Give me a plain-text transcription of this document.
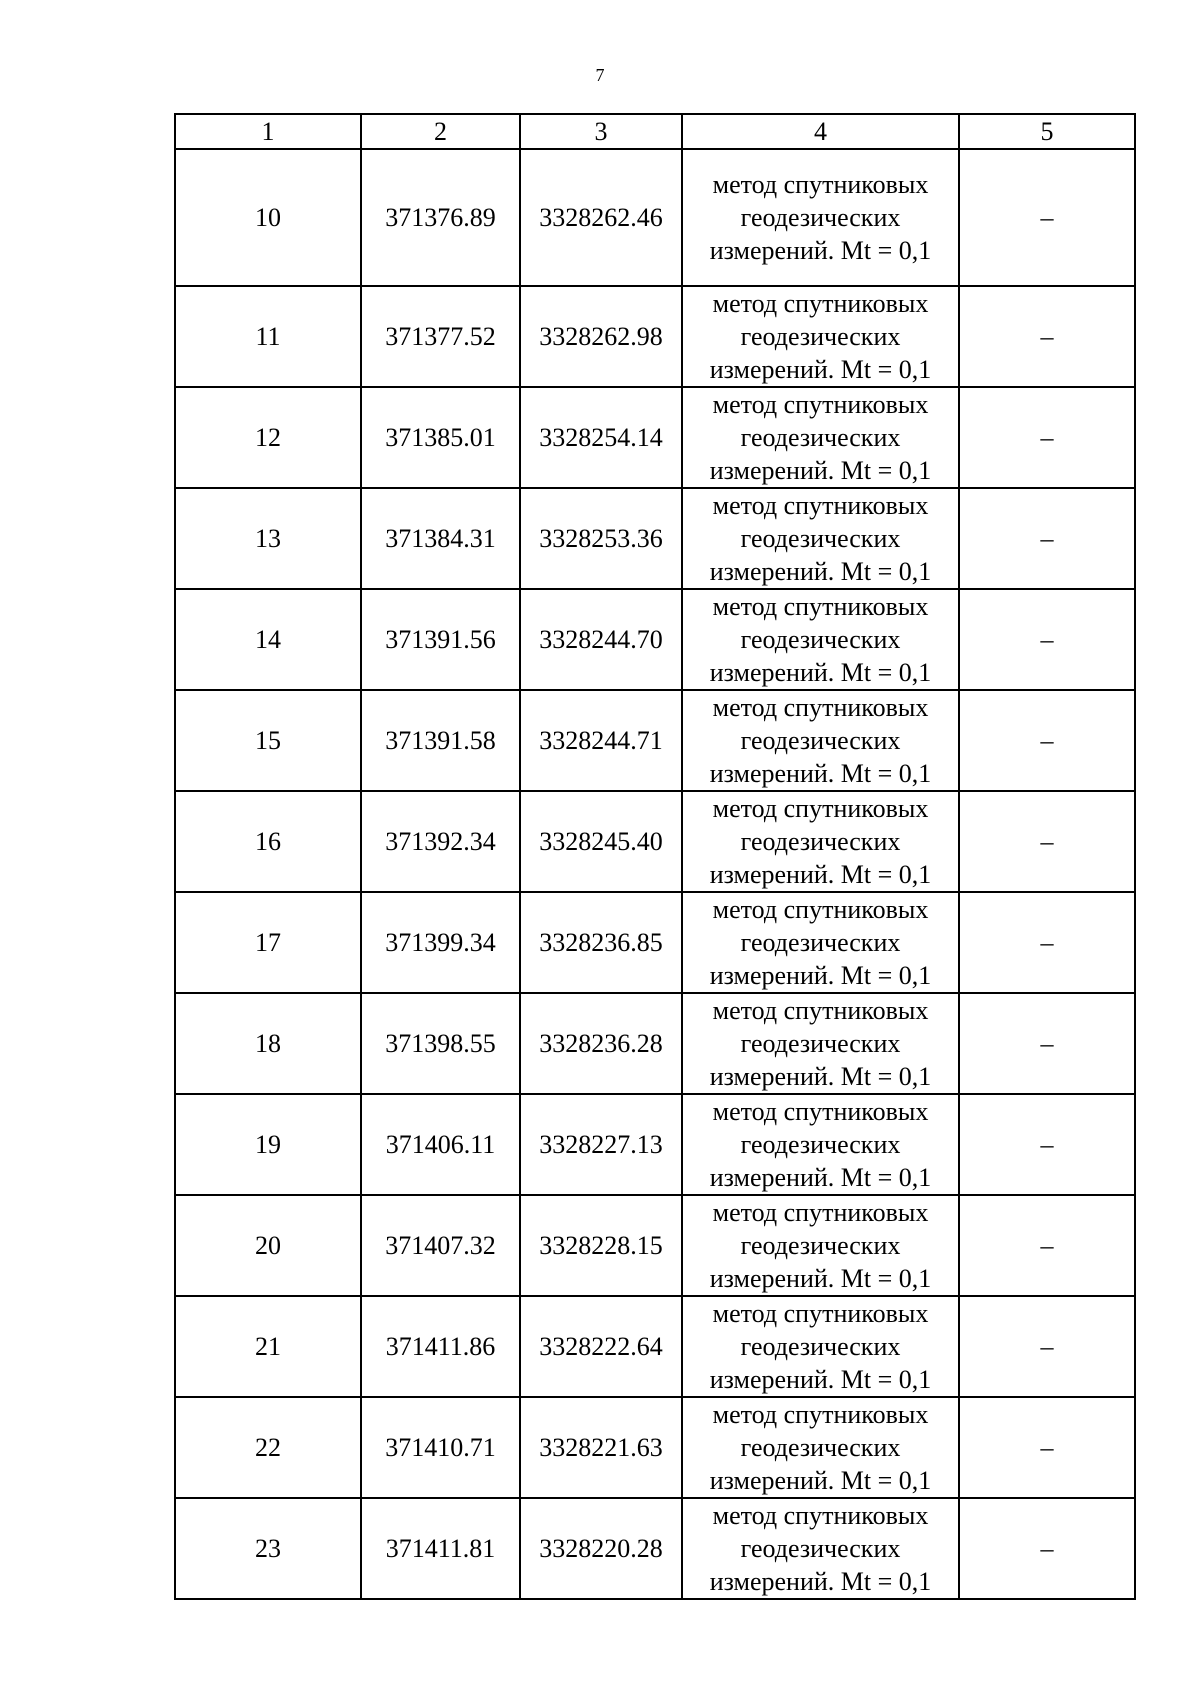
7
1	2	3	4	5
10	371376.89	3328262.46	метод спутниковых
геодезических
измерений. Mt = 0,1	–
11	371377.52	3328262.98	метод спутниковых
геодезических
измерений. Mt = 0,1	–
12	371385.01	3328254.14	метод спутниковых
геодезических
измерений. Mt = 0,1	–
13	371384.31	3328253.36	метод спутниковых
геодезических
измерений. Mt = 0,1	–
14	371391.56	3328244.70	метод спутниковых
геодезических
измерений. Mt = 0,1	–
15	371391.58	3328244.71	метод спутниковых
геодезических
измерений. Mt = 0,1	–
16	371392.34	3328245.40	метод спутниковых
геодезических
измерений. Mt = 0,1	–
17	371399.34	3328236.85	метод спутниковых
геодезических
измерений. Mt = 0,1	–
18	371398.55	3328236.28	метод спутниковых
геодезических
измерений. Mt = 0,1	–
19	371406.11	3328227.13	метод спутниковых
геодезических
измерений. Mt = 0,1	–
20	371407.32	3328228.15	метод спутниковых
геодезических
измерений. Mt = 0,1	–
21	371411.86	3328222.64	метод спутниковых
геодезических
измерений. Mt = 0,1	–
22	371410.71	3328221.63	метод спутниковых
геодезических
измерений. Mt = 0,1	–
23	371411.81	3328220.28	метод спутниковых
геодезических
измерений. Mt = 0,1	–
